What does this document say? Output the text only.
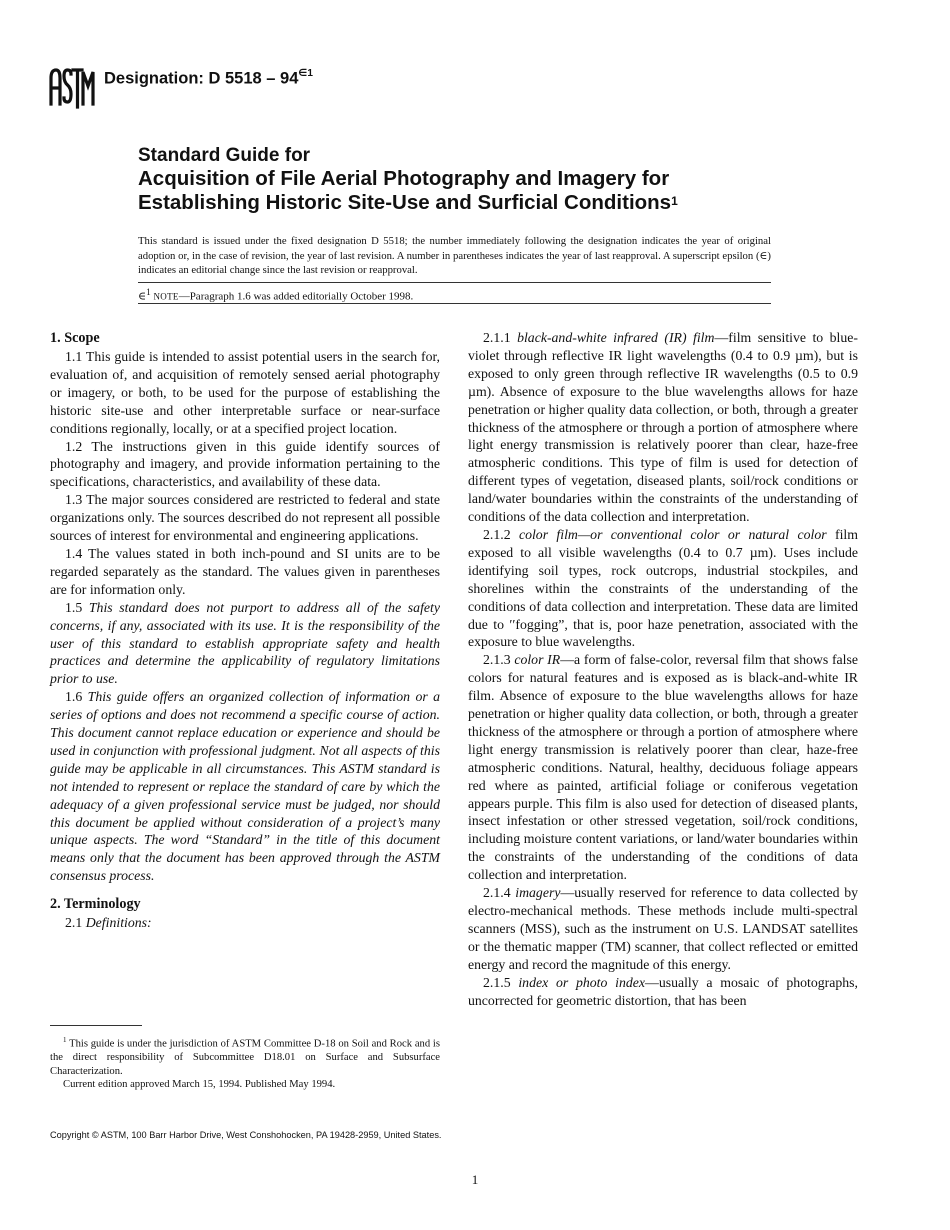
Designation: D $5518 - 94^{\in 1}$
Standard Guide for
Acquisition of File Aerial Photography and Imagery for Establishing Historic Site-Use and Surficial Conditions$^1$
This standard is issued under the fixed designation D 5518; the number immediately following the designation indicates the year of original adoption or, in the case of revision, the year of last revision. A number in parentheses indicates the year of last reapproval. A superscript epsilon (∈) indicates an editorial change since the last revision or reapproval.
∈$^1$ NOTE—Paragraph 1.6 was added editorially October 1998.
1. Scope

1.1 This guide is intended to assist potential users in the search for, evaluation of, and acquisition of remotely sensed aerial photography or imagery, or both, to be used for the purpose of establishing the historic site-use and other interpretable surface or near-surface conditions regionally, locally, or at a specified project location.

1.2 The instructions given in this guide identify sources of photography and imagery, and provide information pertaining to the specifications, characteristics, and availability of these data.

1.3 The major sources considered are restricted to federal and state organizations only. The sources described do not represent all possible sources of interest for environmental and engineering applications.

1.4 The values stated in both inch-pound and SI units are to be regarded separately as the standard. The values given in parentheses are for information only.

1.5 This standard does not purport to address all of the safety concerns, if any, associated with its use. It is the responsibility of the user of this standard to establish appropriate safety and health practices and determine the applicability of regulatory limitations prior to use.

1.6 This guide offers an organized collection of information or a series of options and does not recommend a specific course of action. This document cannot replace education or experience and should be used in conjunction with professional judgment. Not all aspects of this guide may be applicable in all circumstances. This ASTM standard is not intended to represent or replace the standard of care by which the adequacy of a given professional service must be judged, nor should this document be applied without consideration of a project’s many unique aspects. The word “Standard” in the title of this document means only that the document has been approved through the ASTM consensus process.

2. Terminology

2.1 Definitions:

2.1.1 black-and-white infrared (IR) film—film sensitive to blue-violet through reflective IR light wavelengths (0.4 to 0.9 µm), but is exposed to only green through reflective IR wavelengths (0.5 to 0.9 µm). Absence of exposure to the blue wavelengths allows for haze penetration or higher quality data collection, or both, through a greater thickness of the atmosphere or through a portion of atmosphere where light energy transmission is relatively poorer than clear, haze-free atmospheric conditions. This type of film is used for detection of different types of vegetation, diseased plants, soil/rock conditions or land/water boundaries within the constraints of the understanding of conditions of the data collection and interpretation.

2.1.2 color film—or conventional color or natural color film exposed to all visible wavelengths (0.4 to 0.7 µm). Uses include identifying soil types, rock outcrops, industrial stockpiles, and shorelines within the constraints of the understanding of the conditions of data collection and interpretation. These data are limited due to ′′fogging”, that is, poor haze penetration, associated with the exposure to blue wavelengths.

2.1.3 color IR—a form of false-color, reversal film that shows false colors for natural features and is exposed as is black-and-white IR film. Absence of exposure to the blue wavelengths allows for haze penetration or higher quality data collection, or both, through a greater thickness of the atmosphere or through a portion of atmosphere where light energy transmission is relatively poorer than clear, haze-free atmospheric conditions. Natural, healthy, deciduous foliage appears red where as painted, artificial foliage or coniferous vegetation appears purple. This film is also used for detection of diseased plants, insect infestation or other stressed vegetation, soil/rock conditions, including moisture content variations, or land/water boundaries within the constraints of the understanding of the conditions of data collection and interpretation.

2.1.4 imagery—usually reserved for reference to data collected by electro-mechanical methods. These methods include multi-spectral scanners (MSS), such as the instrument on U.S. LANDSAT satellites or the thematic mapper (TM) scanner, that collect reflected or emitted energy and record the magnitude of this energy.

2.1.5 index or photo index—usually a mosaic of photographs, uncorrected for geometric distortion, that has been

$^1$ This guide is under the jurisdiction of ASTM Committee D-18 on Soil and Rock and is the direct responsibility of Subcommittee D18.01 on Surface and Subsurface Characterization.

Current edition approved March 15, 1994. Published May 1994.

Copyright © ASTM, 100 Barr Harbor Drive, West Conshohocken, PA 19428-2959, United States.
1
